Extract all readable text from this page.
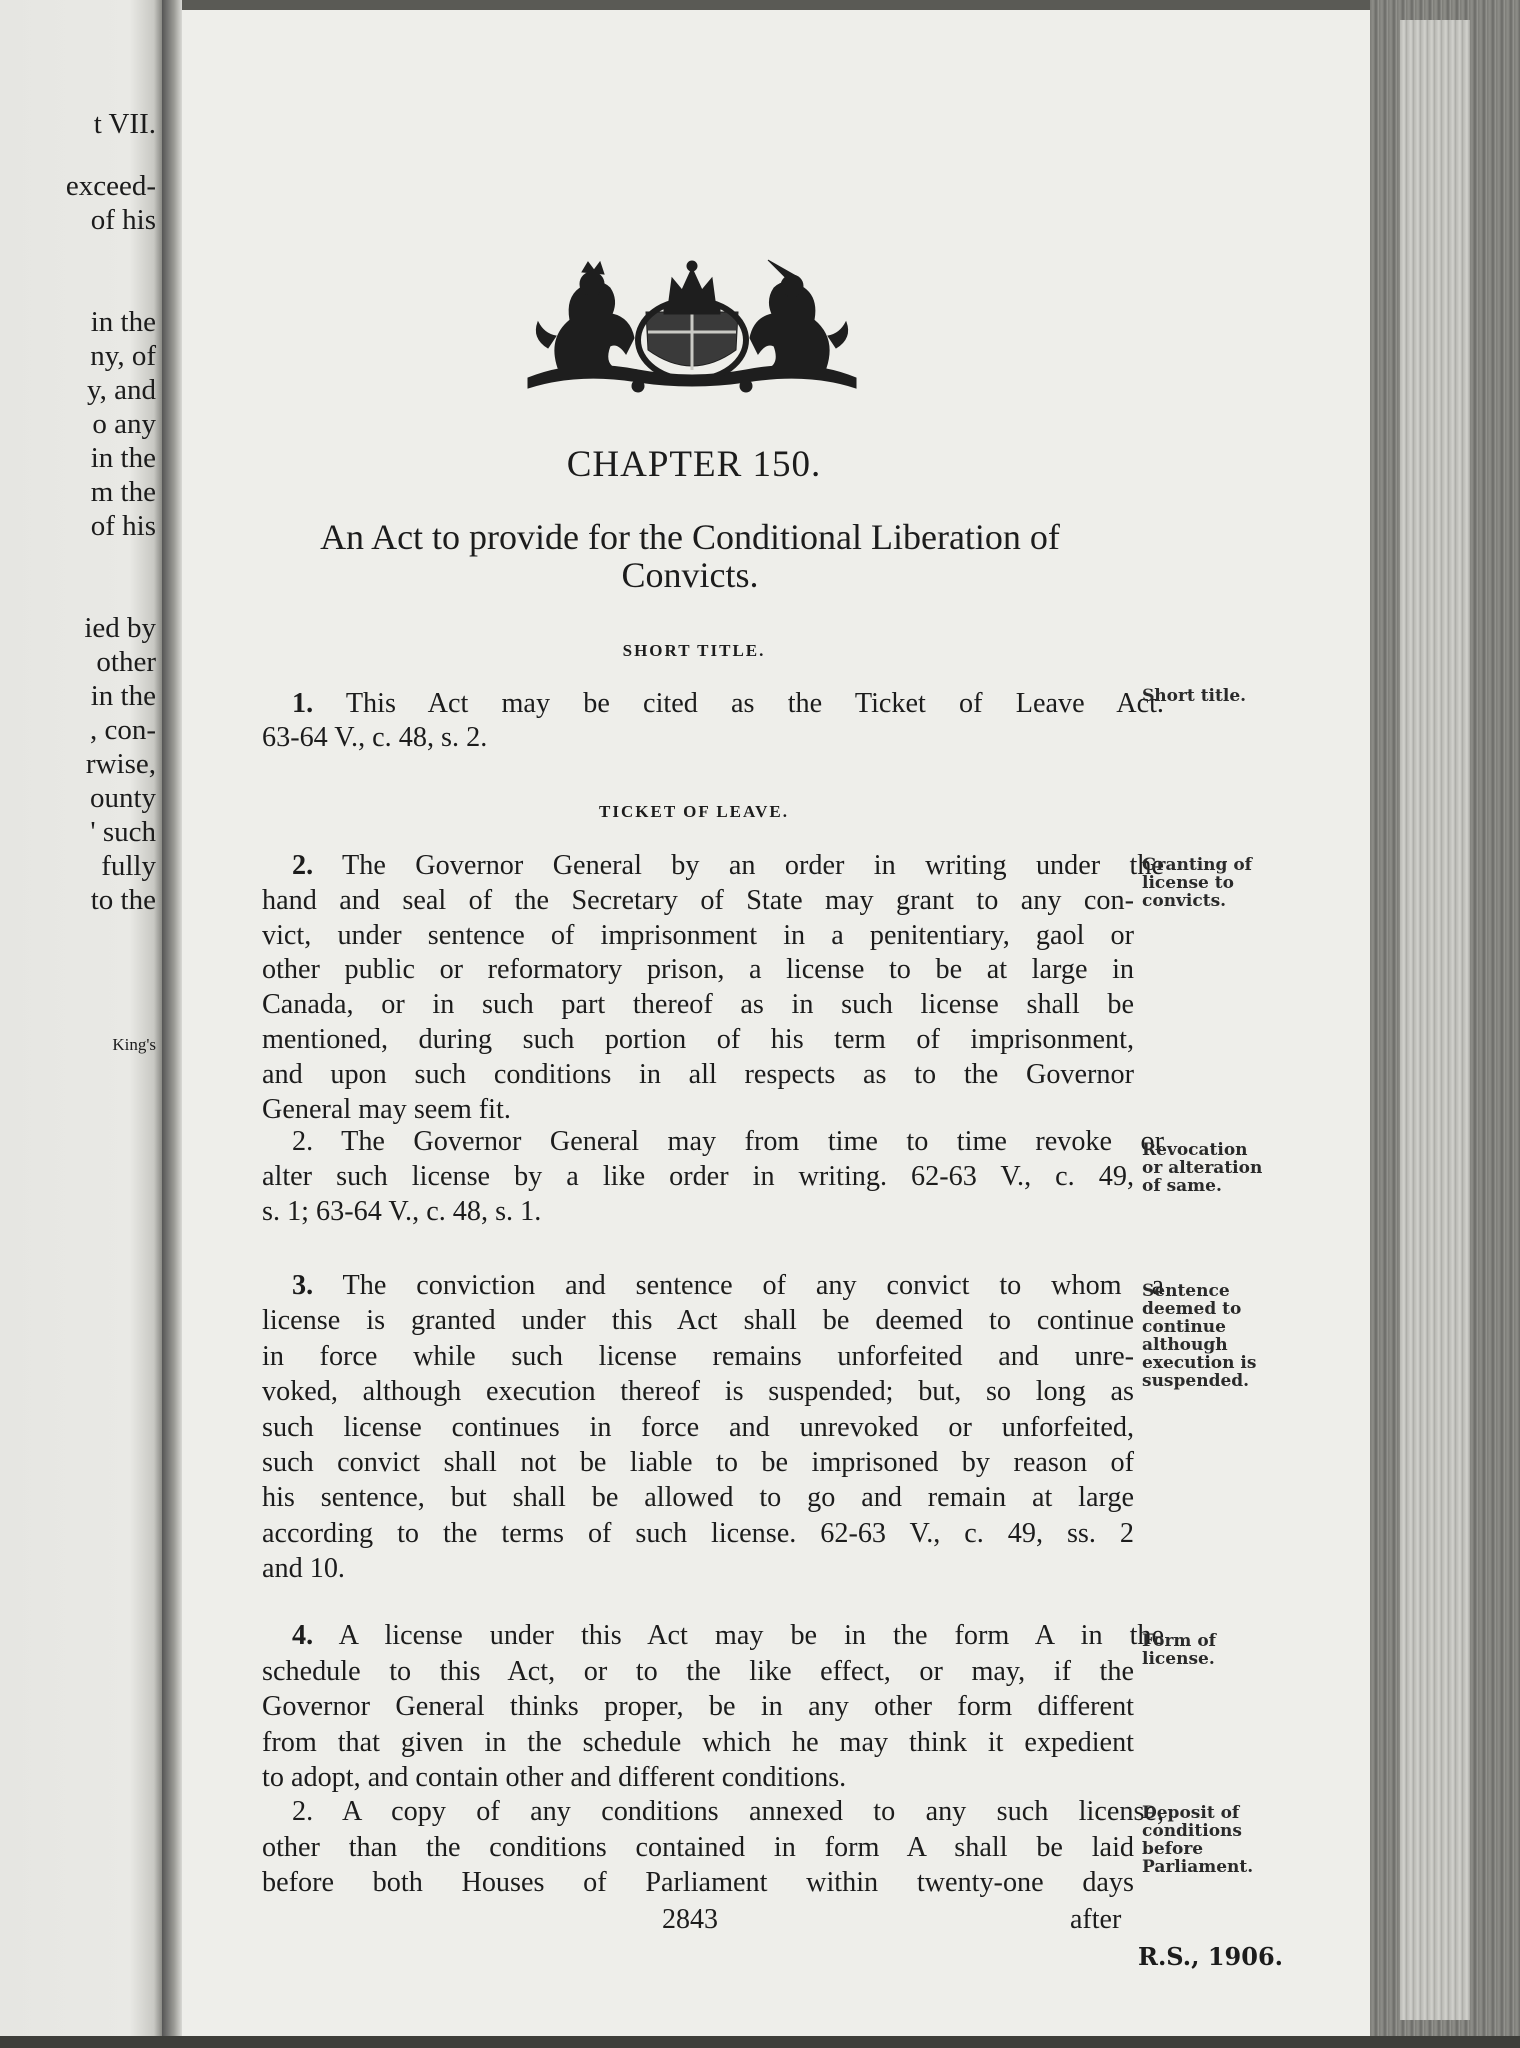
t VII.
exceed-
of his
in the
ny, of
y, and
o any
in the
m the
of his
ied by
other
in the
, con-
rwise,
ounty
' such
fully
to the
King's
CHAPTER 150.
An Act to provide for the Conditional Liberation of
Convicts.
SHORT TITLE.
TICKET OF LEAVE.
1. This Act may be cited as the Ticket of Leave Act.
63-64 V., c. 48, s. 2.
Short title.
2. The Governor General by an order in writing under the
hand and seal of the Secretary of State may grant to any con-
vict, under sentence of imprisonment in a penitentiary, gaol or
other public or reformatory prison, a license to be at large in
Canada, or in such part thereof as in such license shall be
mentioned, during such portion of his term of imprisonment,
and upon such conditions in all respects as to the Governor
General may seem fit.
2. The Governor General may from time to time revoke or
alter such license by a like order in writing. 62-63 V., c. 49,
s. 1; 63-64 V., c. 48, s. 1.
Granting of
license to
convicts.
Revocation
or alteration
of same.
3. The conviction and sentence of any convict to whom a
license is granted under this Act shall be deemed to continue
in force while such license remains unforfeited and unre-
voked, although execution thereof is suspended; but, so long as
such license continues in force and unrevoked or unforfeited,
such convict shall not be liable to be imprisoned by reason of
his sentence, but shall be allowed to go and remain at large
according to the terms of such license. 62-63 V., c. 49, ss. 2
and 10.
Sentence
deemed to
continue
although
execution is
suspended.
4. A license under this Act may be in the form A in the
schedule to this Act, or to the like effect, or may, if the
Governor General thinks proper, be in any other form different
from that given in the schedule which he may think it expedient
to adopt, and contain other and different conditions.
2. A copy of any conditions annexed to any such license,
other than the conditions contained in form A shall be laid
before both Houses of Parliament within twenty-one days
Form of
license.
Deposit of
conditions
before
Parliament.
2843	after
R.S., 1906.
